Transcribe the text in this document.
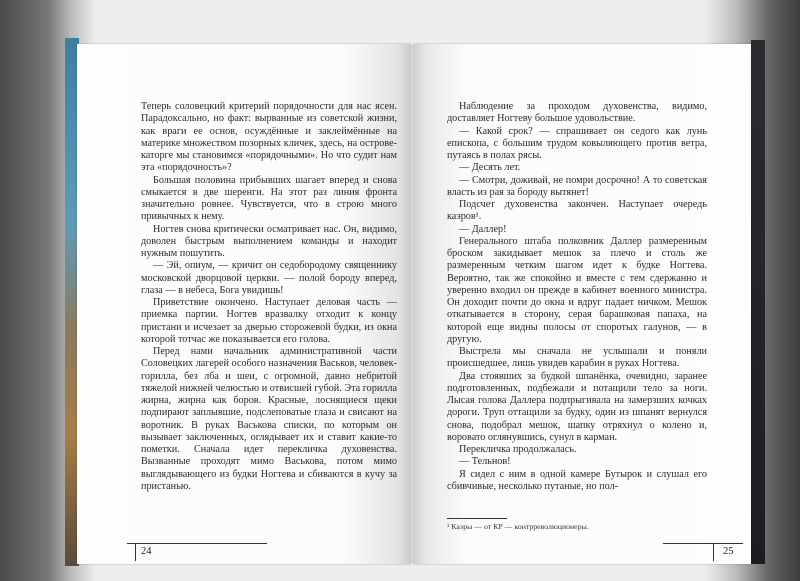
Теперь соловецкий критерий порядочности для нас ясен. Парадоксально, но факт: вырванные из советской жизни, как враги ее основ, осуждённые и заклеймённые на материке множеством позорных кличек, здесь, на острове-каторге мы становимся «порядочными». Но что судит нам эта «порядочность»?

Большая половина прибывших шагает вперед и снова смыкается в две шеренги. На этот раз линия фронта значительно ровнее. Чувствуется, что в строю много привычных к нему.

Ногтев снова критически осматривает нас. Он, видимо, доволен быстрым выполнением команды и находит нужным пошутить.

— Эй, опиум, — кричит он седобородому священнику московской дворцовой церкви. — полой бороду вперед, глаза — в небеса, Бога увидишь!

Приветствие окончено. Наступает деловая часть — приемка партии. Ногтев вразвалку отходит к концу пристани и исчезает за дверью сторожевой будки, из окна которой тотчас же показывается его голова.

Перед нами начальник административной части Соловецких лагерей особого назначения Васьков, человек-горилла, без лба и шеи, с огромной, давно небритой тяжелой нижней челюстью и отвисшей губой. Эта горилла жирна, жирна как боров. Красные, лоснящиеся щеки подпирают заплывшие, подслеповатые глаза и свисают на воротник. В руках Васькова списки, по которым он вызывает заключенных, оглядывает их и ставит какие-то пометки. Сначала идет перекличка духовенства. Вызванные проходят мимо Васькова, потом мимо выглядывающего из будки Ногтева и сбиваются в кучу за пристанью.

24

Наблюдение за проходом духовенства, видимо, доставляет Ногтеву большое удовольствие.

— Какой срок? — спрашивает он седого как лунь епископа, с большим трудом ковыляющего против ветра, путаясь в полах рясы.

— Десять лет.

— Смотри, доживай, не помри досрочно! А то советская власть из рая за бороду вытянет!

Подсчет духовенства закончен. Наступает очередь каэров¹.

— Даллер!

Генерального штаба полковник Даллер размеренным броском закидывает мешок за плечо и столь же размеренным четким шагом идет к будке Ногтева. Вероятно, так же спокойно и вместе с тем сдержанно и уверенно входил он прежде в кабинет военного министра. Он доходит почти до окна и вдруг падает ничком. Мешок откатывается в сторону, серая барашковая папаха, на которой еще видны полосы от споротых галунов, — в другую.

Выстрела мы сначала не услышали и поняли происшедшее, лишь увидев карабин в руках Ногтева.

Два стоявших за будкой шпанёнка, очевидно, заранее подготовленных, подбежали и потащили тело за ноги. Лысая голова Даллера подпрыгивала на замерзших кочках дороги. Труп оттащили за будку, один из шпанят вернулся снова, подобрал мешок, шапку отряхнул о колено и, воровато оглянувшись, сунул в карман.

Перекличка продолжалась.

— Тельнов!

Я сидел с ним в одной камере Бутырок и слушал его сбивчивые, несколько путаные, но пол-

¹ Каэры — от КР — контрреволюционеры.
25
